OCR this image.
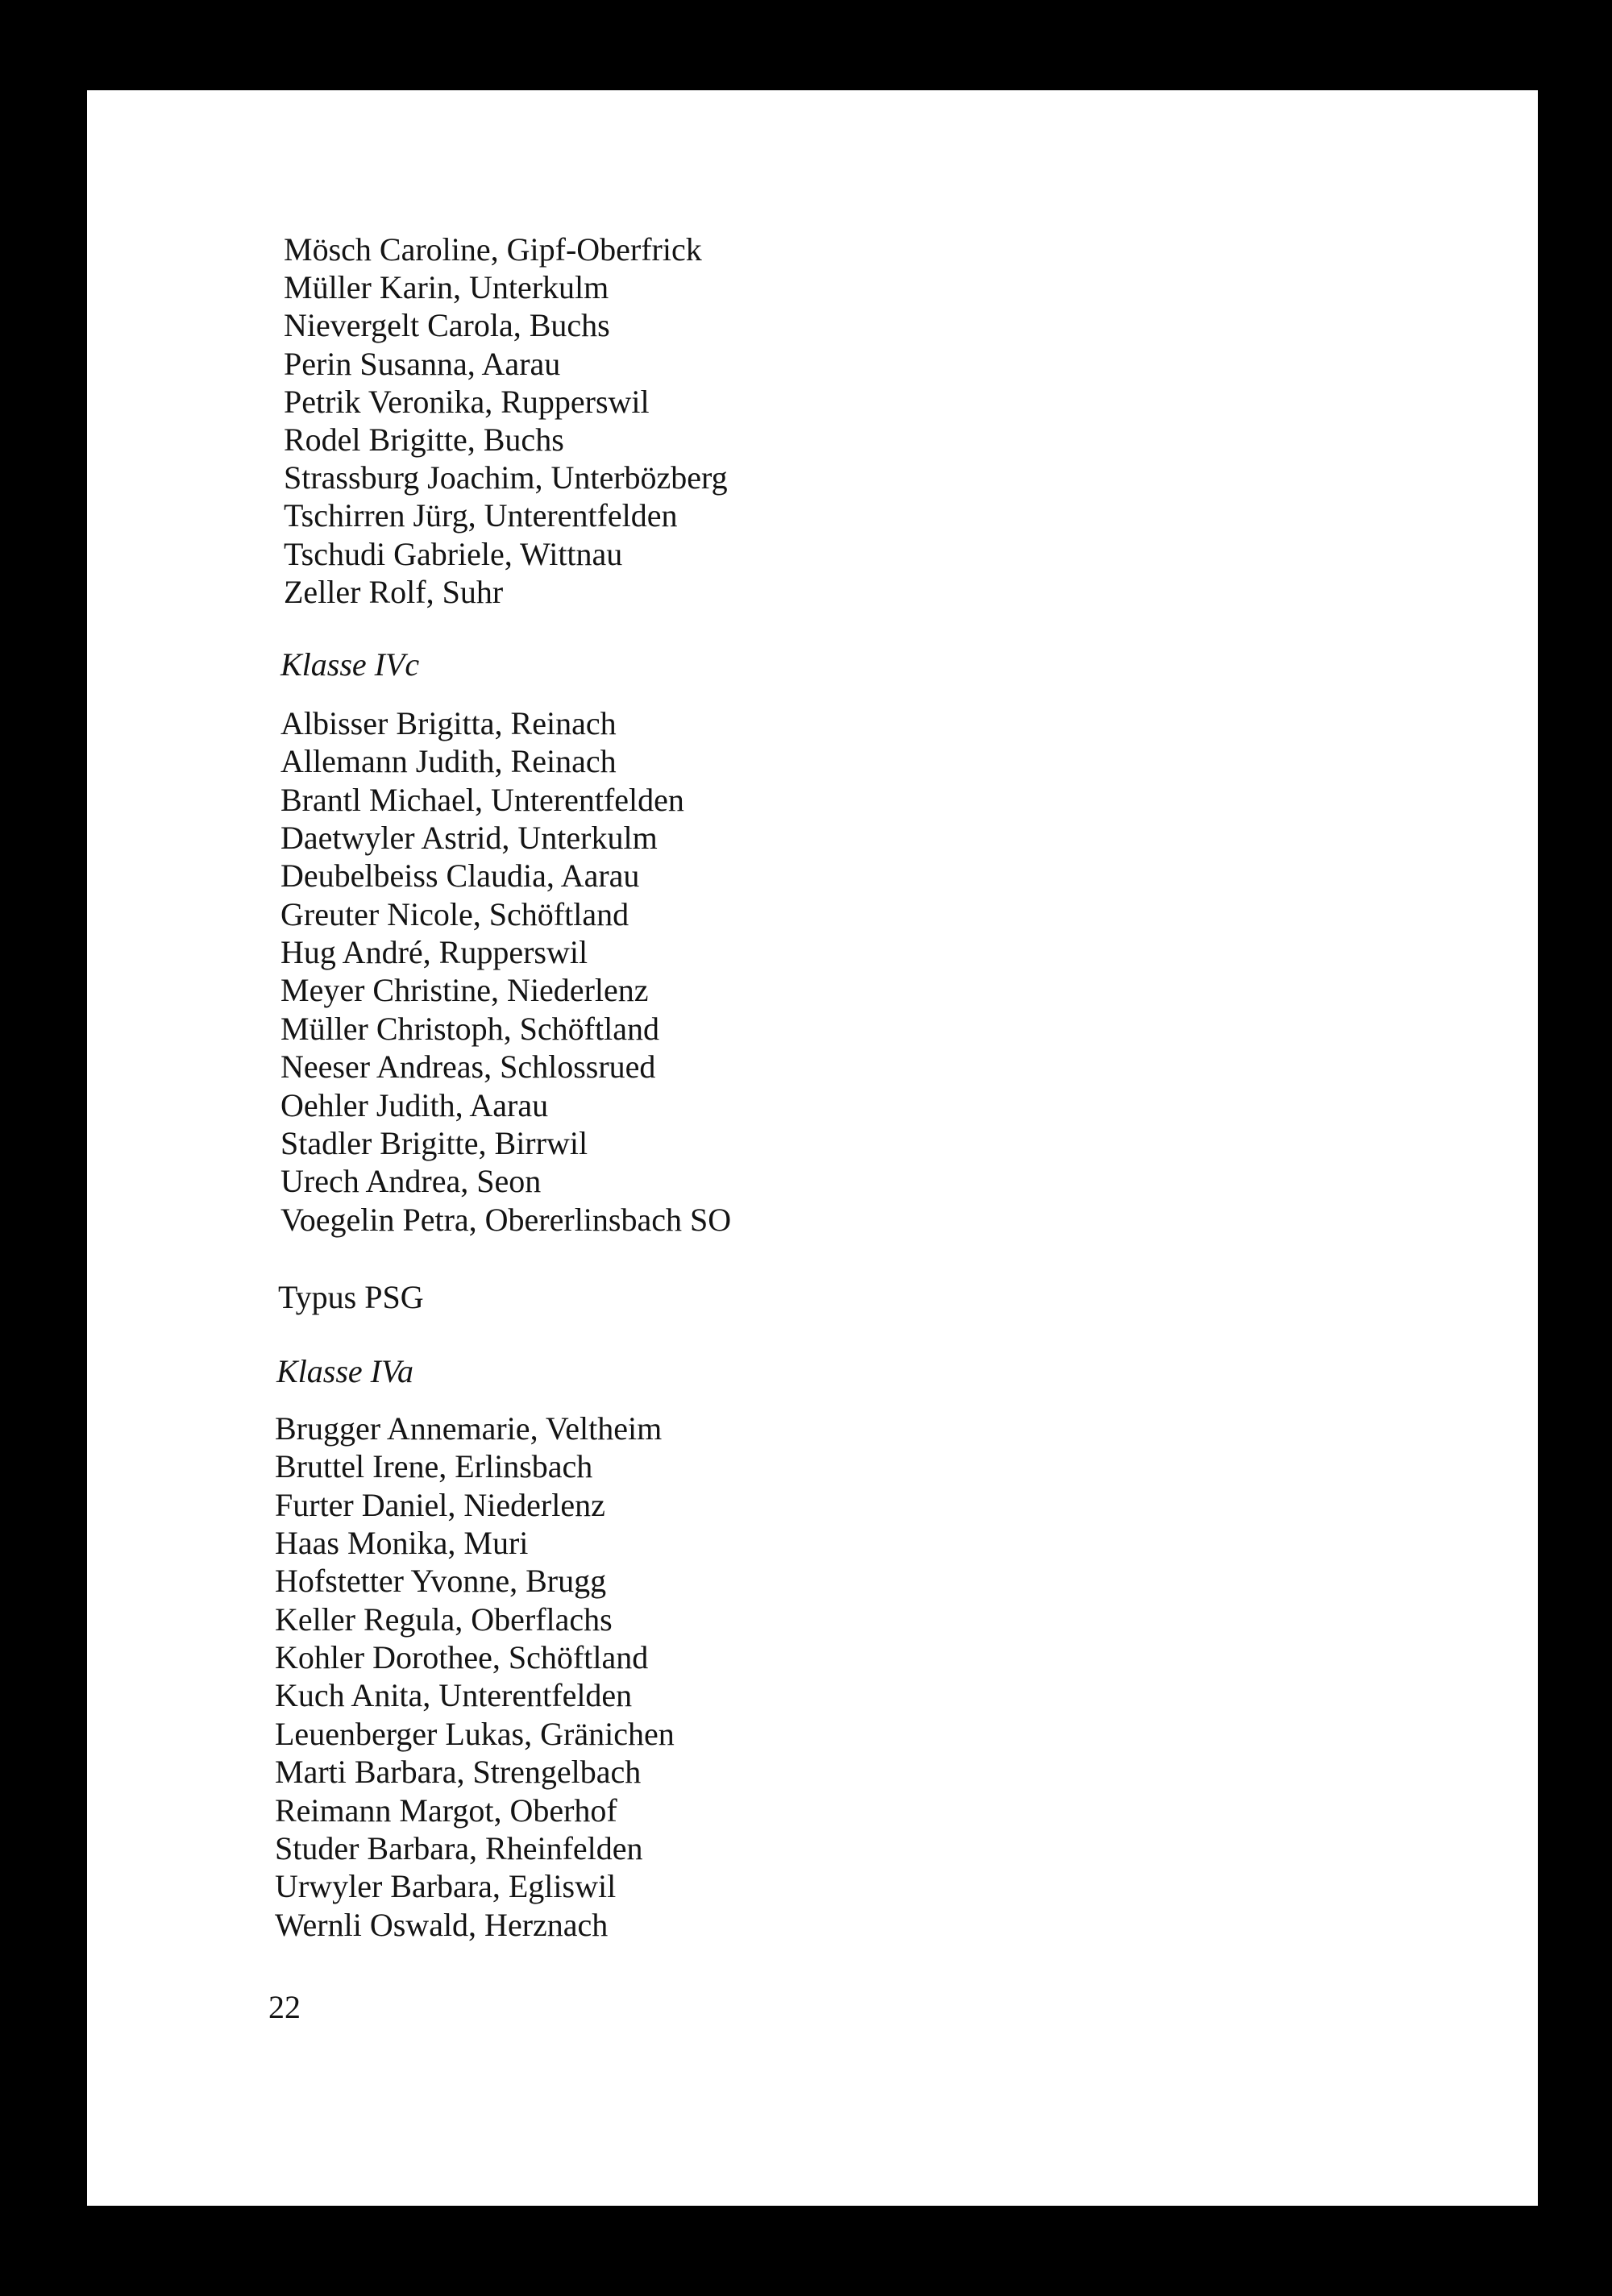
Mösch Caroline, Gipf-Oberfrick
Müller Karin, Unterkulm
Nievergelt Carola, Buchs
Perin Susanna, Aarau
Petrik Veronika, Rupperswil
Rodel Brigitte, Buchs
Strassburg Joachim, Unterbözberg
Tschirren Jürg, Unterentfelden
Tschudi Gabriele, Wittnau
Zeller Rolf, Suhr
Klasse IVc
Albisser Brigitta, Reinach
Allemann Judith, Reinach
Brantl Michael, Unterentfelden
Daetwyler Astrid, Unterkulm
Deubelbeiss Claudia, Aarau
Greuter Nicole, Schöftland
Hug André, Rupperswil
Meyer Christine, Niederlenz
Müller Christoph, Schöftland
Neeser Andreas, Schlossrued
Oehler Judith, Aarau
Stadler Brigitte, Birrwil
Urech Andrea, Seon
Voegelin Petra, Obererlinsbach SO
Typus PSG
Klasse IVa
Brugger Annemarie, Veltheim
Bruttel Irene, Erlinsbach
Furter Daniel, Niederlenz
Haas Monika, Muri
Hofstetter Yvonne, Brugg
Keller Regula, Oberflachs
Kohler Dorothee, Schöftland
Kuch Anita, Unterentfelden
Leuenberger Lukas, Gränichen
Marti Barbara, Strengelbach
Reimann Margot, Oberhof
Studer Barbara, Rheinfelden
Urwyler Barbara, Egliswil
Wernli Oswald, Herznach
22
